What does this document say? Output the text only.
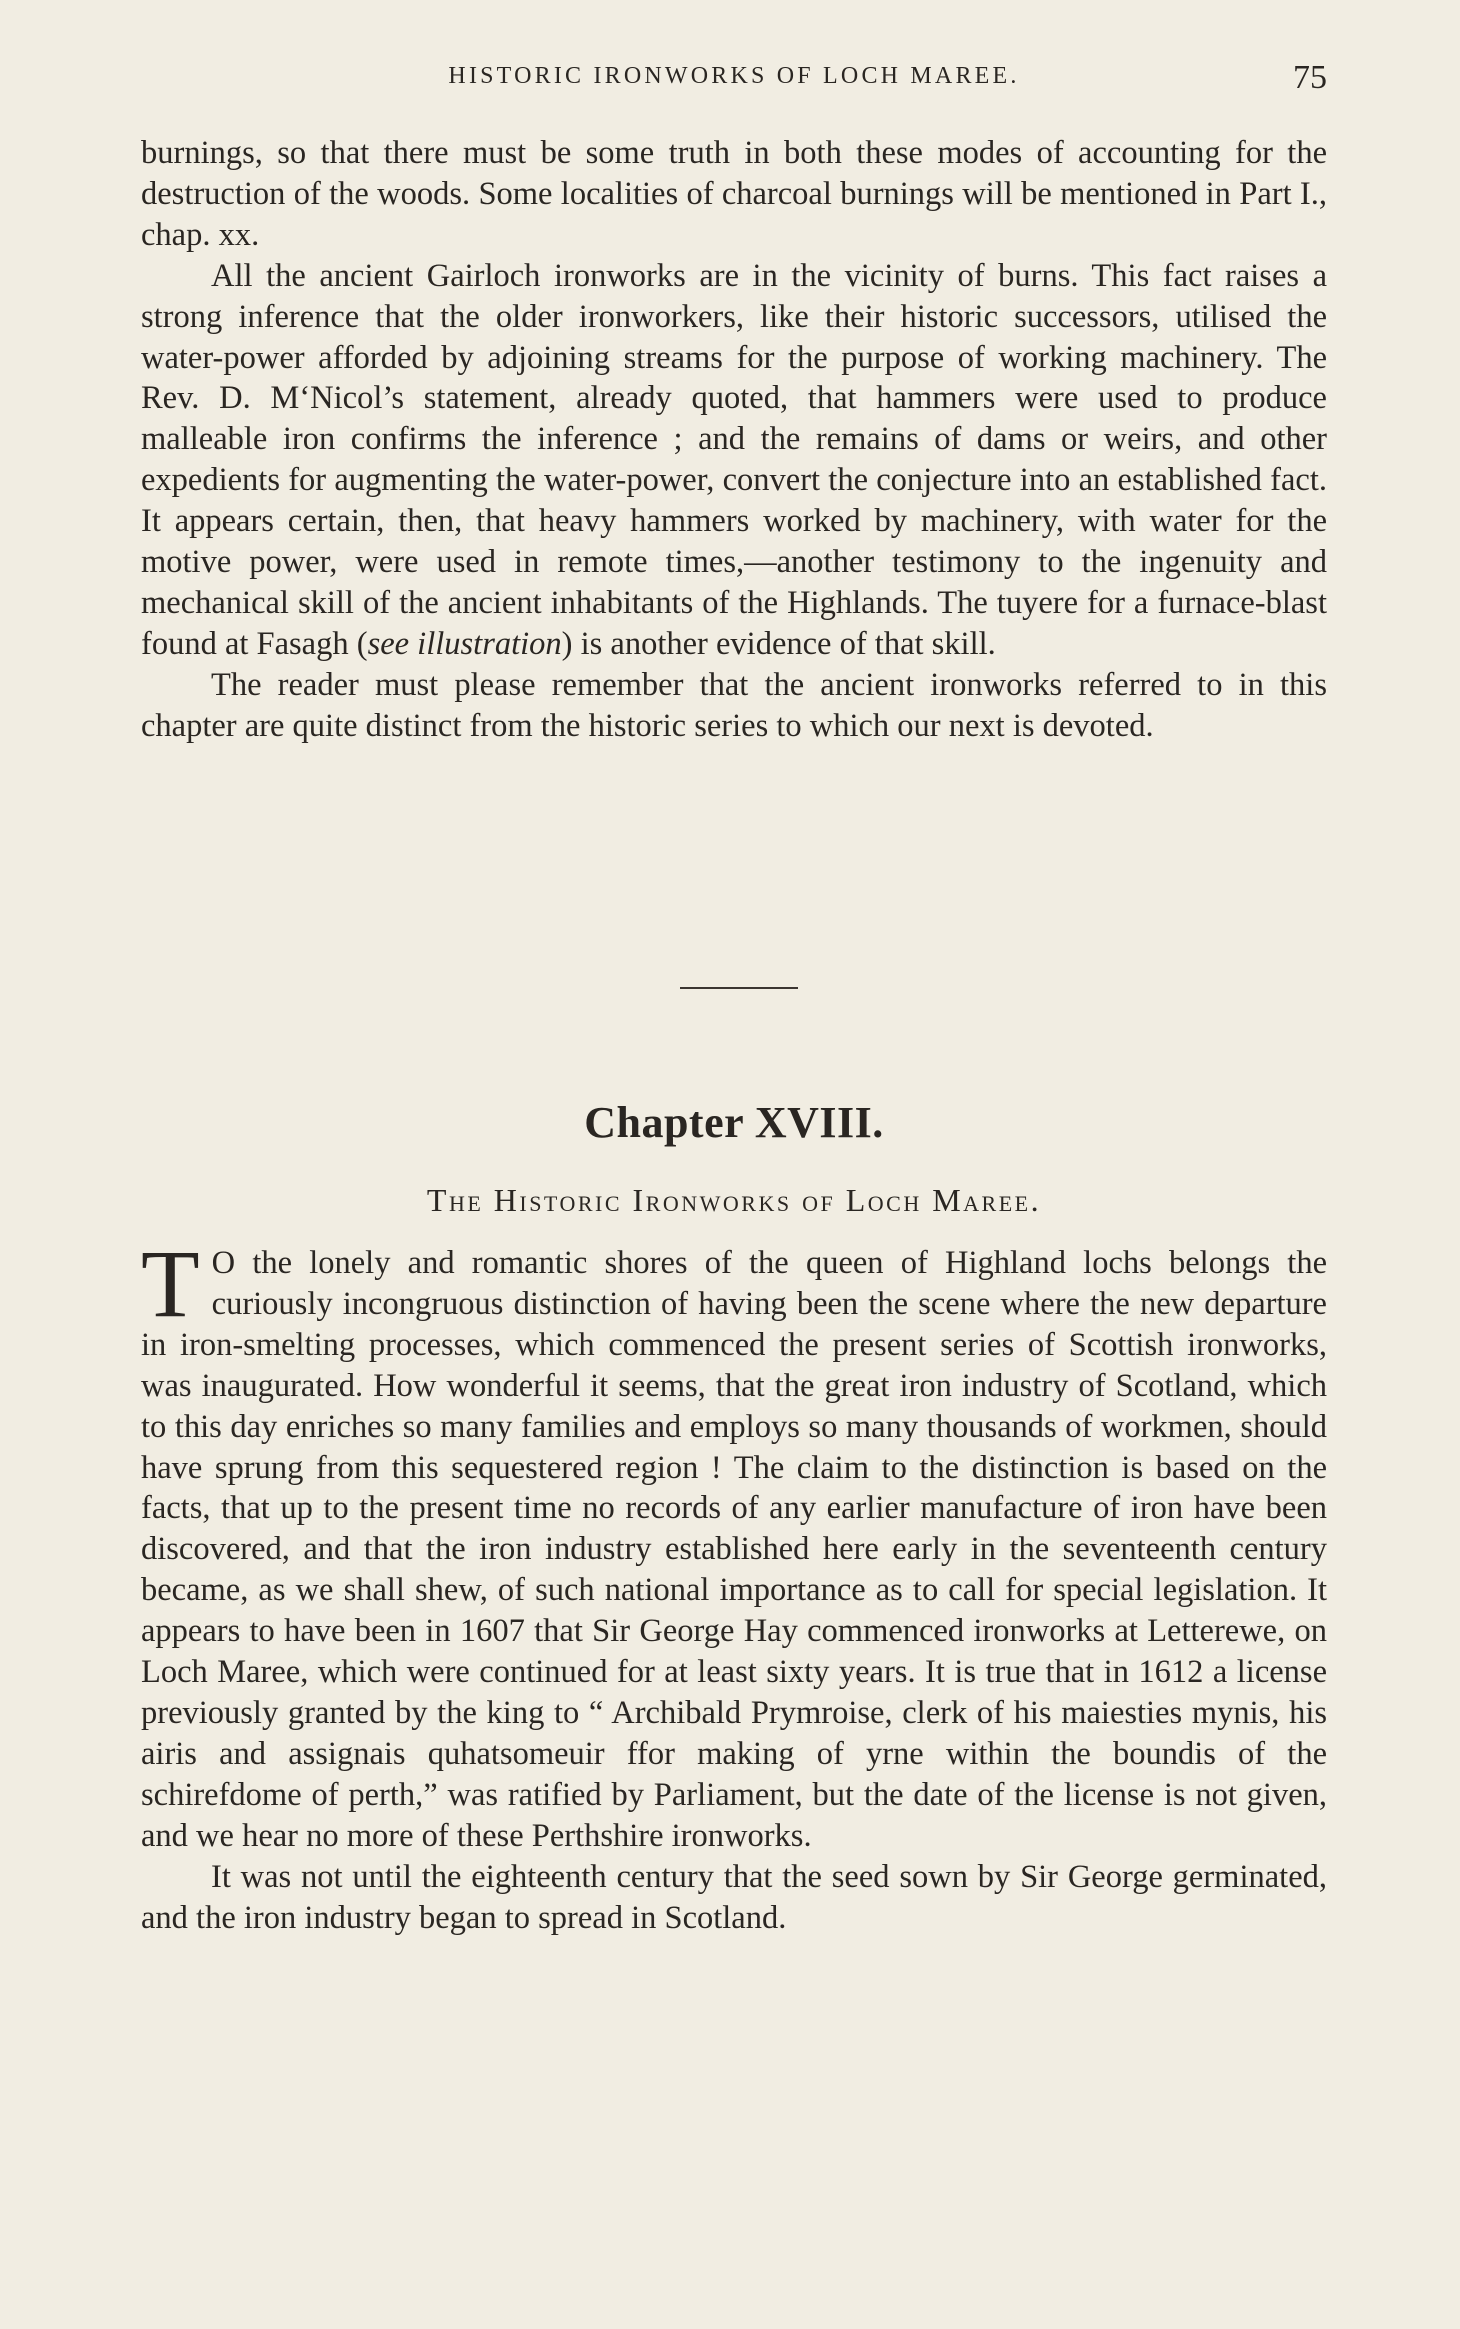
HISTORIC IRONWORKS OF LOCH MAREE.	75

burnings, so that there must be some truth in both these modes of accounting for the destruction of the woods. Some localities of charcoal burnings will be mentioned in Part I., chap. xx.

All the ancient Gairloch ironworks are in the vicinity of burns. This fact raises a strong inference that the older ironworkers, like their historic successors, utilised the water-power afforded by adjoining streams for the purpose of working machinery. The Rev. D. M‘Nicol’s statement, already quoted, that hammers were used to produce malleable iron confirms the inference ; and the remains of dams or weirs, and other expedients for augmenting the water-power, convert the conjecture into an established fact. It appears certain, then, that heavy hammers worked by machinery, with water for the motive power, were used in remote times,—another testimony to the ingenuity and mechanical skill of the ancient inhabitants of the Highlands. The tuyere for a furnace-blast found at Fasagh (see illustration) is another evidence of that skill.

The reader must please remember that the ancient ironworks referred to in this chapter are quite distinct from the historic series to which our next is devoted.

Chapter XVIII.
The Historic Ironworks of Loch Maree.

T O the lonely and romantic shores of the queen of Highland lochs belongs the curiously incongruous distinction of having been the scene where the new departure in iron-smelting processes, which commenced the present series of Scottish ironworks, was inaugurated. How wonderful it seems, that the great iron industry of Scotland, which to this day enriches so many families and employs so many thousands of workmen, should have sprung from this sequestered region ! The claim to the distinction is based on the facts, that up to the present time no records of any earlier manufacture of iron have been discovered, and that the iron industry established here early in the seventeenth century became, as we shall shew, of such national importance as to call for special legislation. It appears to have been in 1607 that Sir George Hay commenced ironworks at Letterewe, on Loch Maree, which were continued for at least sixty years. It is true that in 1612 a license previously granted by the king to “ Archibald Prymroise, clerk of his maiesties mynis, his airis and assignais quhatsomeuir ffor making of yrne within the boundis of the schirefdome of perth,” was ratified by Parliament, but the date of the license is not given, and we hear no more of these Perthshire ironworks.

It was not until the eighteenth century that the seed sown by Sir George germinated, and the iron industry began to spread in Scotland.
